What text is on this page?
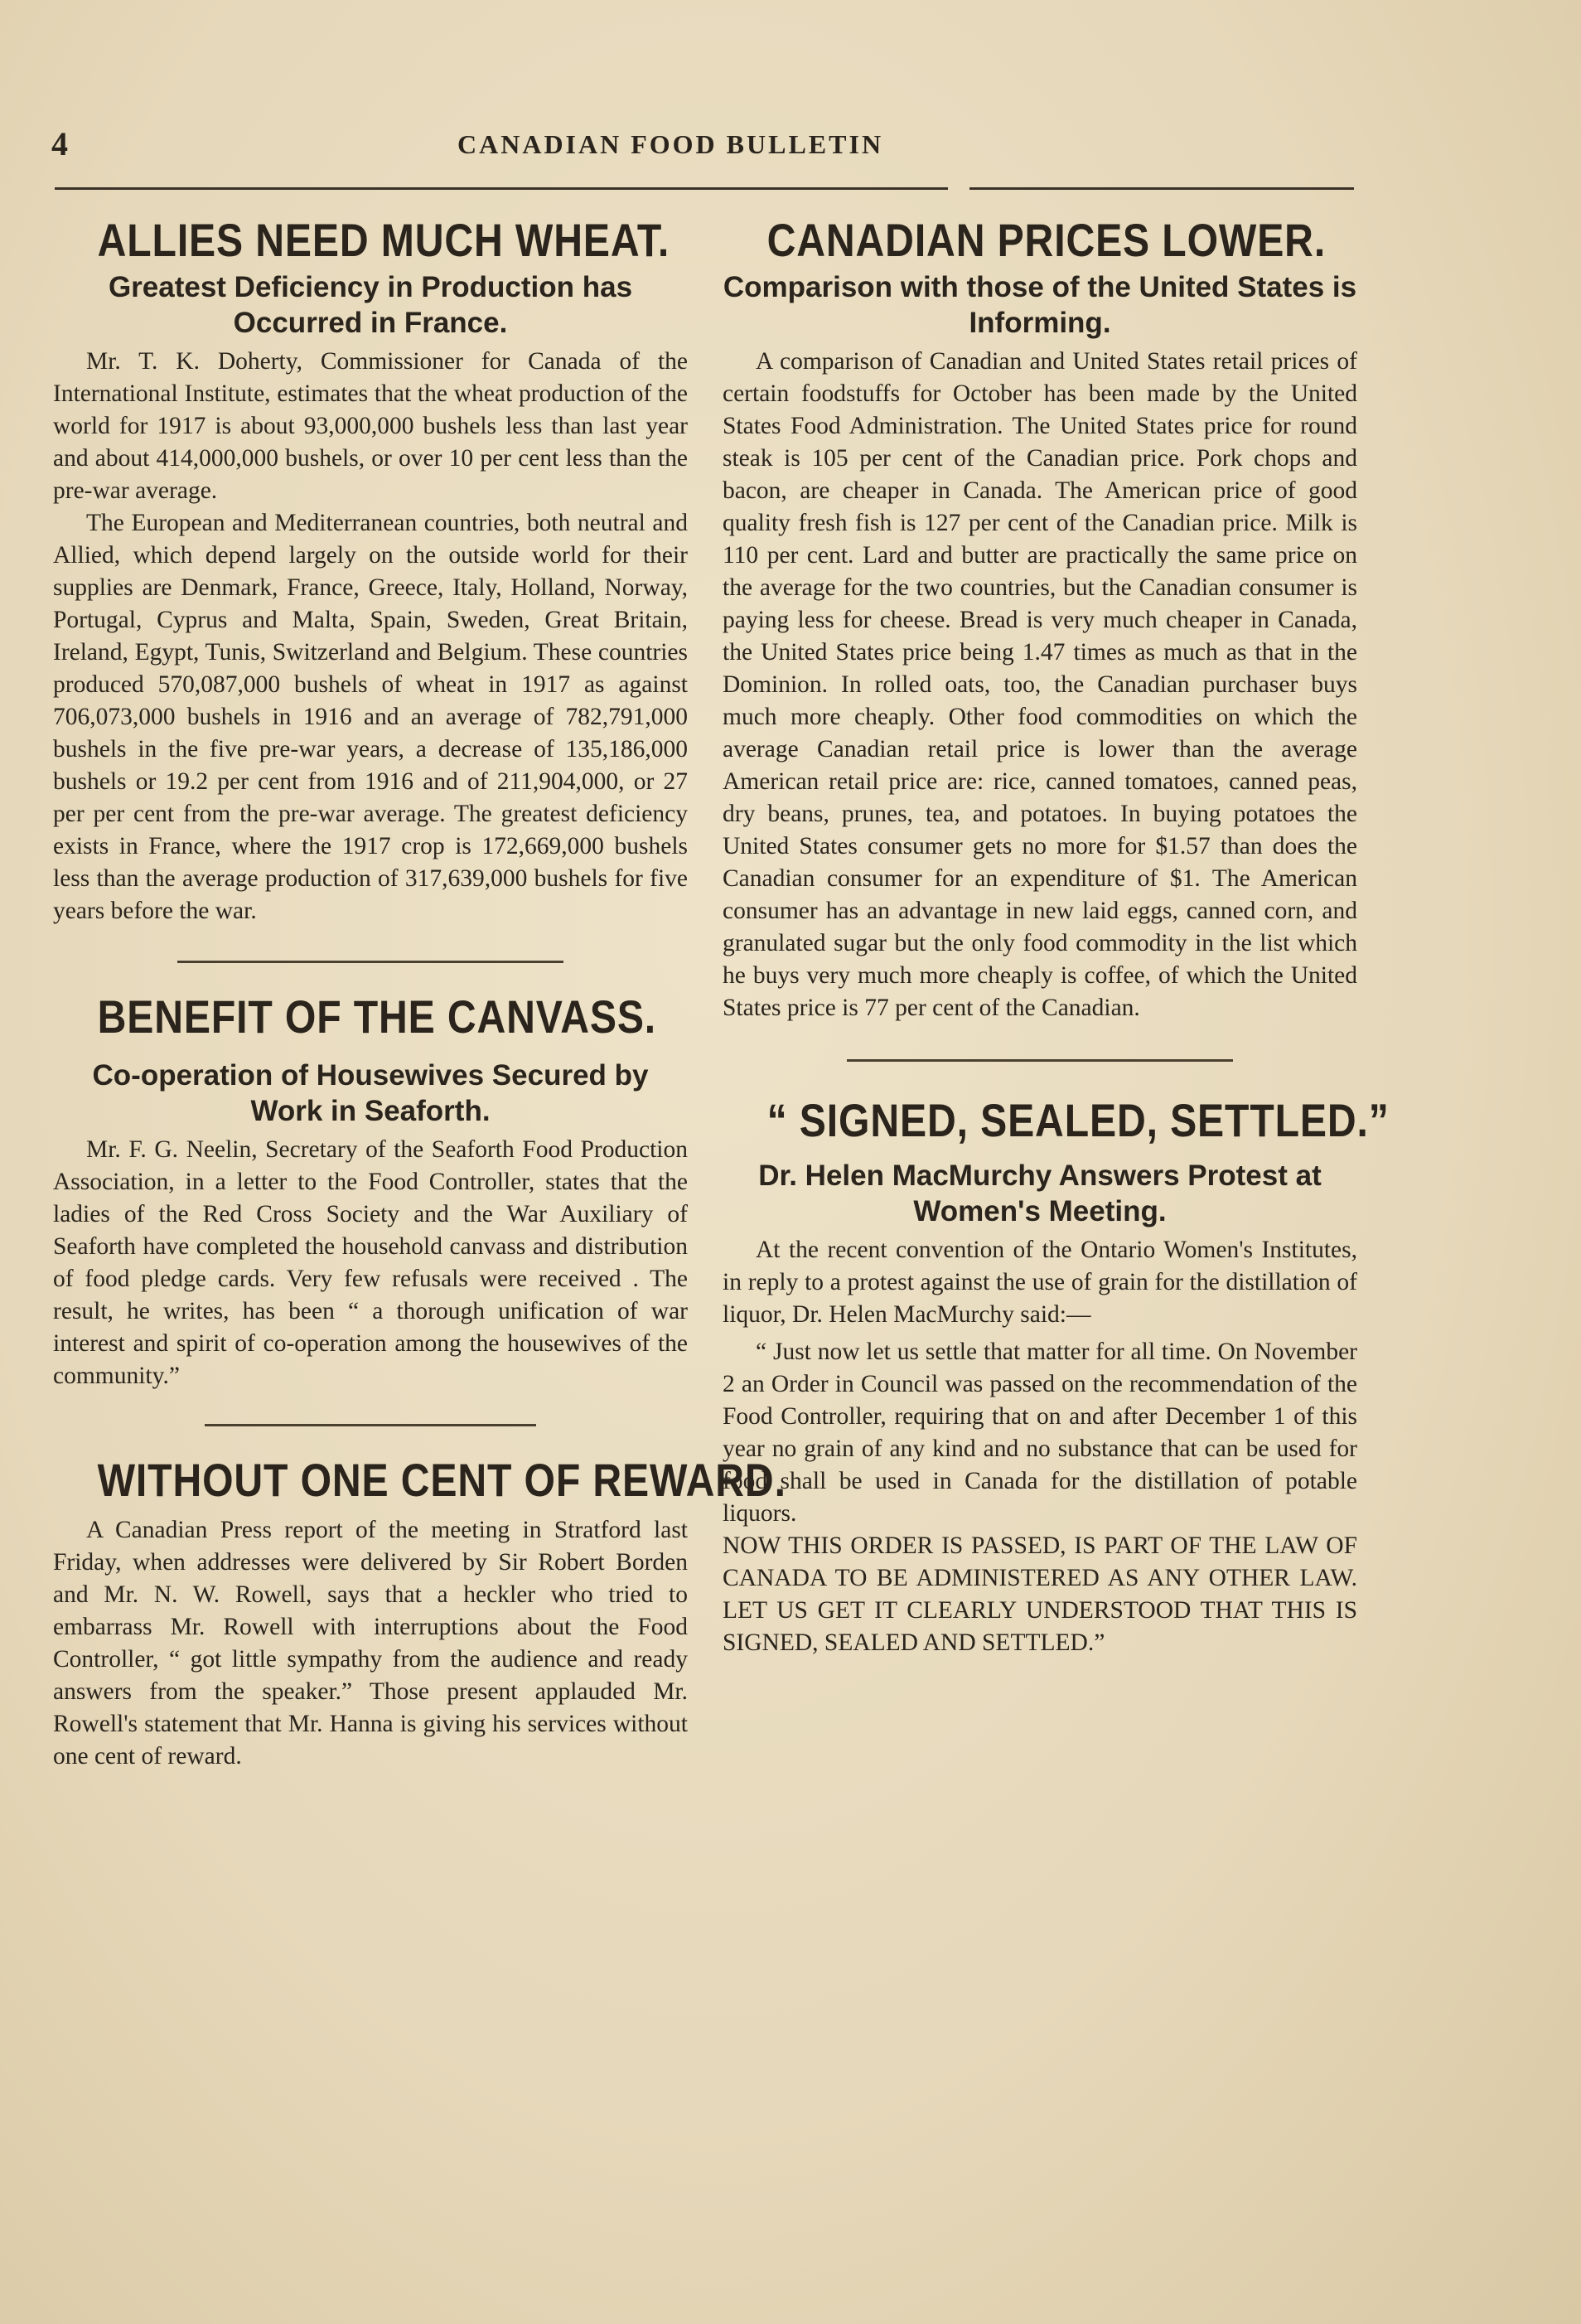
4	CANADIAN FOOD BULLETIN
ALLIES NEED MUCH WHEAT.

Greatest Deficiency in Production has Occurred in France.

Mr. T. K. Doherty, Commissioner for Canada of the International Institute, estimates that the wheat production of the world for 1917 is about 93,000,000 bushels less than last year and about 414,000,000 bushels, or over 10 per cent less than the pre-war average.

The European and Mediterranean countries, both neutral and Allied, which depend largely on the outside world for their supplies are Denmark, France, Greece, Italy, Holland, Norway, Portugal, Cyprus and Malta, Spain, Sweden, Great Britain, Ireland, Egypt, Tunis, Switzerland and Belgium. These countries produced 570,087,000 bushels of wheat in 1917 as against 706,073,000 bushels in 1916 and an average of 782,791,000 bushels in the five pre-war years, a decrease of 135,186,000 bushels or 19.2 per cent from 1916 and of 211,904,000, or 27 per per cent from the pre-war average. The greatest deficiency exists in France, where the 1917 crop is 172,669,000 bushels less than the average production of 317,639,000 bushels for five years before the war.

BENEFIT OF THE CANVASS.

Co-operation of Housewives Secured by Work in Seaforth.

Mr. F. G. Neelin, Secretary of the Seaforth Food Production Association, in a letter to the Food Controller, states that the ladies of the Red Cross Society and the War Auxiliary of Seaforth have completed the household canvass and distribution of food pledge cards. Very few refusals were received . The result, he writes, has been “ a thorough unification of war interest and spirit of co-operation among the housewives of the community.”

WITHOUT ONE CENT OF REWARD.

A Canadian Press report of the meeting in Stratford last Friday, when addresses were delivered by Sir Robert Borden and Mr. N. W. Rowell, says that a heckler who tried to embarrass Mr. Rowell with interruptions about the Food Controller, “ got little sympathy from the audience and ready answers from the speaker.” Those present applauded Mr. Rowell's statement that Mr. Hanna is giving his services without one cent of reward.

CANADIAN PRICES LOWER.

Comparison with those of the United States is Informing.

A comparison of Canadian and United States retail prices of certain foodstuffs for October has been made by the United States Food Administration. The United States price for round steak is 105 per cent of the Canadian price. Pork chops and bacon, are cheaper in Canada. The American price of good quality fresh fish is 127 per cent of the Canadian price. Milk is 110 per cent. Lard and butter are practically the same price on the average for the two countries, but the Canadian consumer is paying less for cheese. Bread is very much cheaper in Canada, the United States price being 1.47 times as much as that in the Dominion. In rolled oats, too, the Canadian purchaser buys much more cheaply. Other food commodities on which the average Canadian retail price is lower than the average American retail price are: rice, canned tomatoes, canned peas, dry beans, prunes, tea, and potatoes. In buying potatoes the United States consumer gets no more for $1.57 than does the Canadian consumer for an expenditure of $1. The American consumer has an advantage in new laid eggs, canned corn, and granulated sugar but the only food commodity in the list which he buys very much more cheaply is coffee, of which the United States price is 77 per cent of the Canadian.

“ SIGNED, SEALED, SETTLED.”

Dr. Helen MacMurchy Answers Protest at Women's Meeting.

At the recent convention of the Ontario Women's Institutes, in reply to a protest against the use of grain for the distillation of liquor, Dr. Helen MacMurchy said:—

“ Just now let us settle that matter for all time. On November 2 an Order in Council was passed on the recommendation of the Food Controller, requiring that on and after December 1 of this year no grain of any kind and no substance that can be used for food shall be used in Canada for the distillation of potable liquors.

NOW THIS ORDER IS PASSED, IS PART OF THE LAW OF CANADA TO BE ADMINISTERED AS ANY OTHER LAW. LET US GET IT CLEARLY UNDERSTOOD THAT THIS IS SIGNED, SEALED AND SETTLED.”
